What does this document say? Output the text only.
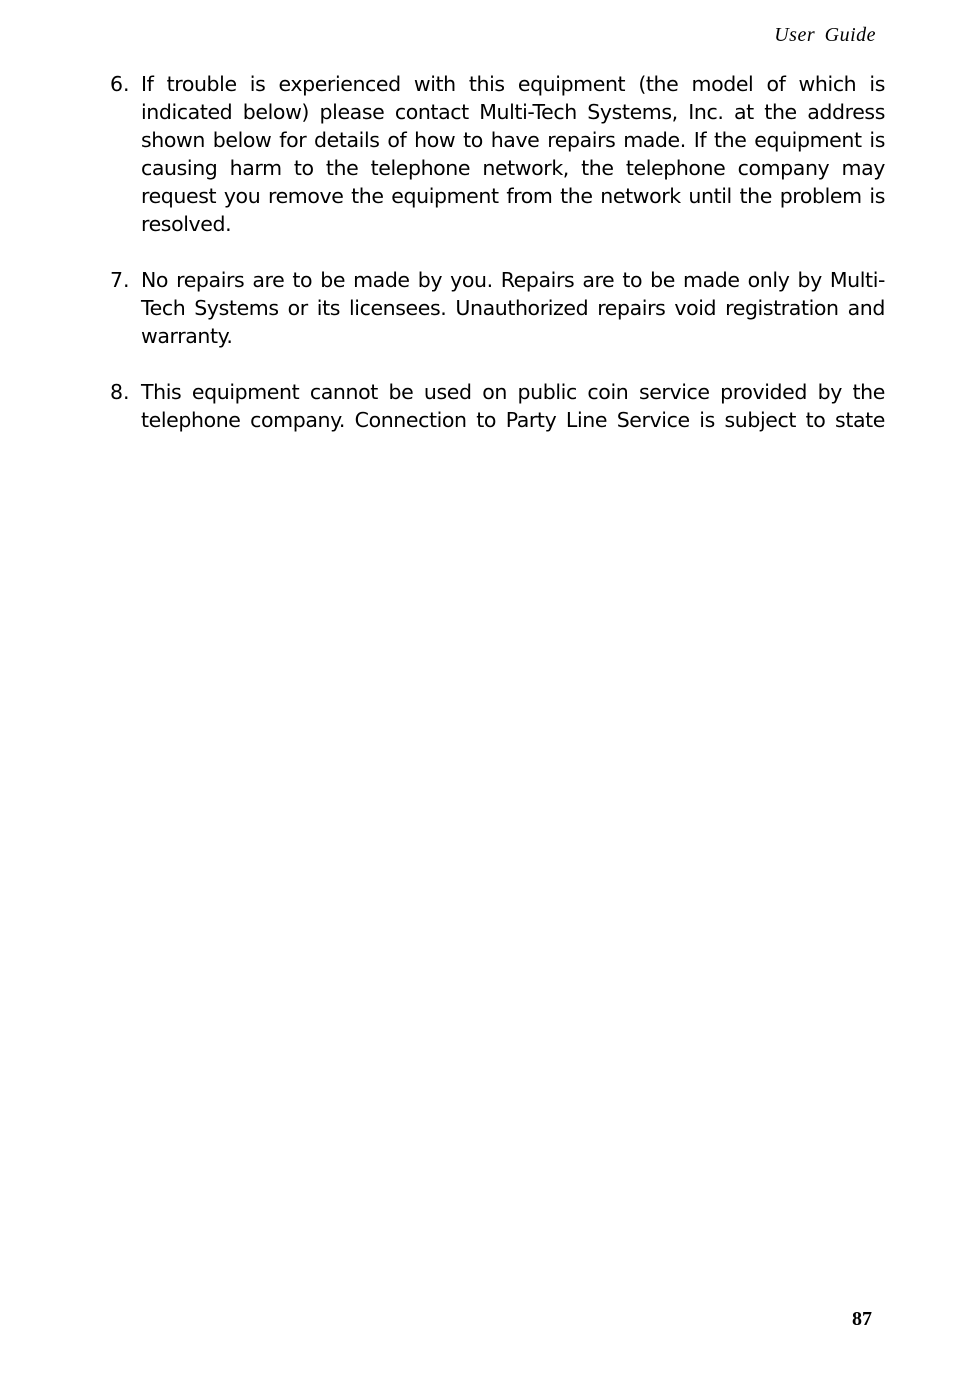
User Guide
6. If trouble is experienced with this equipment (the model of which is indicated below) please contact Multi-Tech Systems, Inc. at the address shown below for details of how to have repairs made. If the equipment is causing harm to the telephone network, the telephone company may request you remove the equipment from the network until the problem is resolved.
7. No repairs are to be made by you. Repairs are to be made only by Multi-Tech Systems or its licensees. Unauthorized repairs void registration and warranty.
8. This equipment cannot be used on public coin service provided by the telephone company. Connection to Party Line Service is subject to state
87
